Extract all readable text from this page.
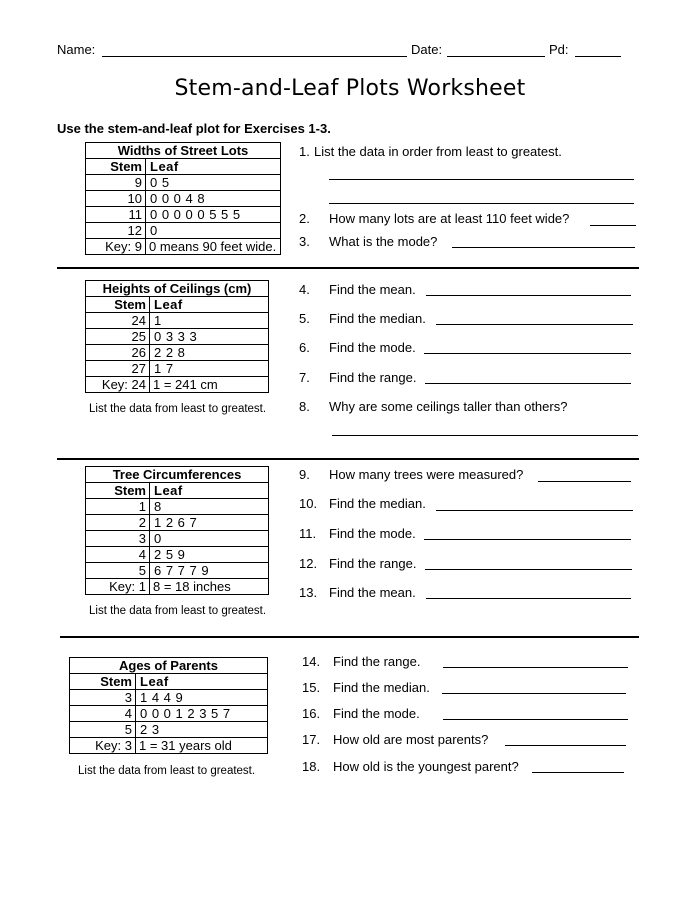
Name:	Date:	Pd:
Stem-and-Leaf Plots Worksheet
Use the stem-and-leaf plot for Exercises 1-3.
Widths of Street Lots	
Stem	Leaf
9	0 5
10	0 0 0 4 8
11	0 0 0 0 0 5 5 5
12	0
Key: 9	0 means 90 feet wide.
1. List the data in order from least to greatest.
2. How many lots are at least 110 feet wide?
3. What is the mode?
Heights of Ceilings (cm)	
Stem	Leaf
24	1
25	0 3 3 3
26	2 2 8
27	1 7
Key: 24	1 = 241 cm
List the data from least to greatest.
4. Find the mean.
5. Find the median.
6. Find the mode.
7. Find the range.
8. Why are some ceilings taller than others?
Tree Circumferences	
Stem	Leaf
1	8
2	1 2 6 7
3	0
4	2 5 9
5	6 7 7 7 9
Key: 1	8 = 18 inches
List the data from least to greatest.
9. How many trees were measured?
10. Find the median.
11. Find the mode.
12. Find the range.
13. Find the mean.
Ages of Parents	
Stem	Leaf
3	1 4 4 9
4	0 0 0 1 2 3 5 7
5	2 3
Key: 3	1 = 31 years old
List the data from least to greatest.
14. Find the range.
15. Find the median.
16. Find the mode.
17. How old are most parents?
18. How old is the youngest parent?
